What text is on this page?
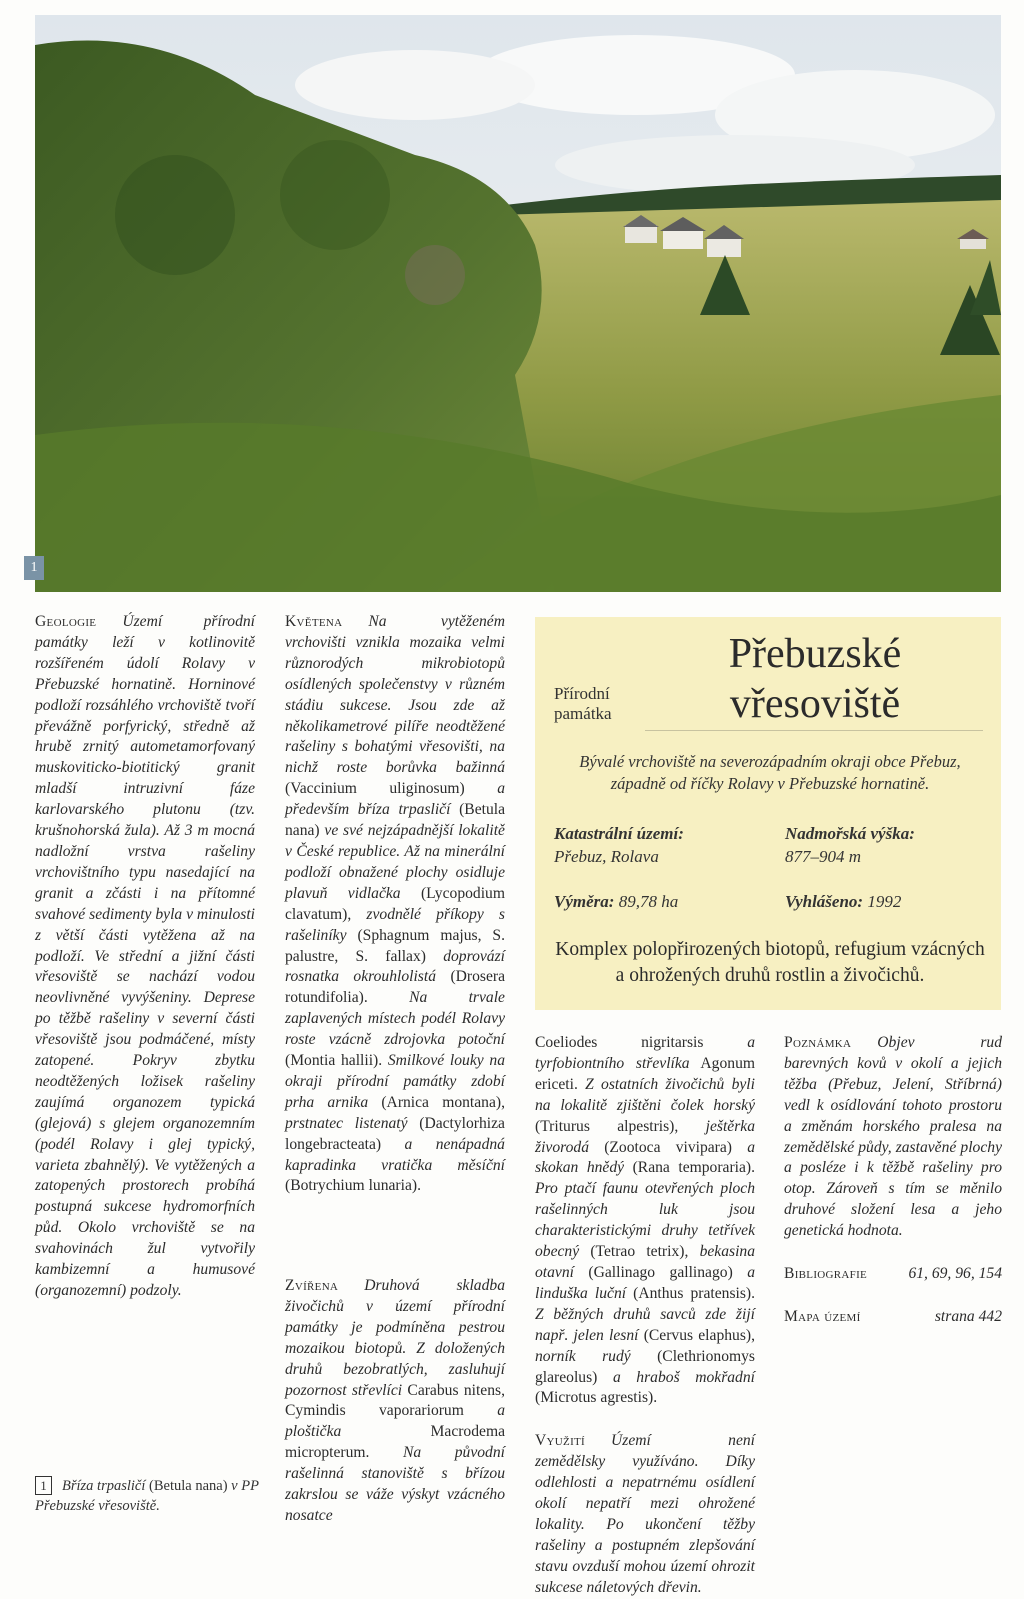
1

Geologie Území přírodní památky leží v kotlinovitě rozšířeném údolí Rolavy v Přebuzské hornatině. Horninové podloží rozsáhlého vrchoviště tvoří převážně porfyrický, středně až hrubě zrnitý autometamorfovaný muskoviticko-biotitický granit mladší intruzivní fáze karlovarského plutonu (tzv. krušnohorská žula). Až 3 m mocná nadložní vrstva rašeliny vrchovištního typu nasedající na granit a zčásti i na přítomné svahové sedimenty byla v minulosti z větší části vytěžena až na podloží. Ve střední a jižní části vřesoviště se nachází vodou neovlivněné vyvýšeniny. Deprese po těžbě rašeliny v severní části vřesoviště jsou podmáčené, místy zatopené. Pokryv zbytku neodtěžených ložisek rašeliny zaujímá organozem typická (glejová) s glejem organozemním (podél Rolavy i glej typický, varieta zbahnělý). Ve vytěžených a zatopených prostorech probíhá postupná sukcese hydromorfních půd. Okolo vrchoviště se na svahovinách žul vytvořily kambizemní a humusové (organozemní) podzoly.

Květena Na vytěženém vrchovišti vznikla mozaika velmi různorodých mikrobiotopů osídlených společenstvy v různém stádiu sukcese. Jsou zde až několikametrové pilíře neodtěžené rašeliny s bohatými vřesovišti, na nichž roste borůvka bažinná (Vaccinium uliginosum) a především bříza trpasličí (Betula nana) ve své nejzápadnější lokalitě v České republice. Až na minerální podloží obnažené plochy osidluje plavuň vidlačka (Lycopodium clavatum), zvodnělé příkopy s rašeliníky (Sphagnum majus, S. palustre, S. fallax) doprovází rosnatka okrouhlolistá (Drosera rotundifolia).	Na trvale zaplavených místech podél Rolavy roste vzácně zdrojovka potoční (Montia hallii). Smilkové louky na okraji přírodní památky zdobí prha arnika (Arnica montana), prstnatec listenatý (Dactylorhiza longebracteata) a nenápadná kapradinka vratička měsíční (Botrychium lunaria).

Zvířena Druhová skladba živočichů v území přírodní památky je podmíněna pestrou mozaikou biotopů. Z doložených druhů bezobratlých, zasluhují pozornost střevlíci Carabus nitens, Cymindis vaporariorum a ploštička	Macrodema micropterum. Na původní rašelinná stanoviště s břízou zakrslou se váže výskyt vzácného nosatce

Coeliodes nigritarsis	a tyrfobiontního střevlíka Agonum ericeti. Z ostatních živočichů byli na lokalitě zjištěni čolek horský (Triturus alpestris), ještěrka živorodá (Zootoca vivipara) a skokan hnědý (Rana temporaria). Pro ptačí faunu otevřených ploch rašelinných luk jsou charakteristickými druhy tetřívek obecný (Tetrao tetrix), bekasina otavní (Gallinago gallinago) a linduška luční (Anthus pratensis). Z běžných druhů savců zde žijí např. jelen lesní (Cervus elaphus), norník rudý (Clethrionomys glareolus) a hraboš mokřadní (Microtus agrestis).

Využití Území není zemědělsky využíváno. Díky odlehlosti a nepatrnému osídlení okolí nepatří mezi ohrožené lokality. Po ukončení těžby rašeliny a postupném zlepšování stavu ovzduší mohou území ohrozit sukcese náletových dřevin.

Poznámka Objev rud barevných kovů v okolí a jejich těžba (Přebuz, Jelení, Stříbrná) vedl k osídlování tohoto prostoru a změnám horského pralesa na zemědělské půdy, zastavěné plochy a posléze i k těžbě rašeliny pro otop. Zároveň s tím se měnilo druhové složení lesa a jeho genetická hodnota.

Bibliografie	61, 69, 96, 154

Mapa území	strana 442

Přírodní
památka
Přebuzské
vřesoviště
Bývalé vrchoviště na severozápadním okraji obce Přebuz, západně od říčky Rolavy v Přebuzské hornatině.
Katastrální území:
Přebuz, Rolava
Nadmořská výška:
877–904 m
Výměra: 89,78 ha	Vyhlášeno: 1992
Komplex polopřirozených biotopů, refugium vzácných a ohrožených druhů rostlin a živočichů.
1 Bříza trpasličí (Betula nana) v PP Přebuzské vřesoviště.
